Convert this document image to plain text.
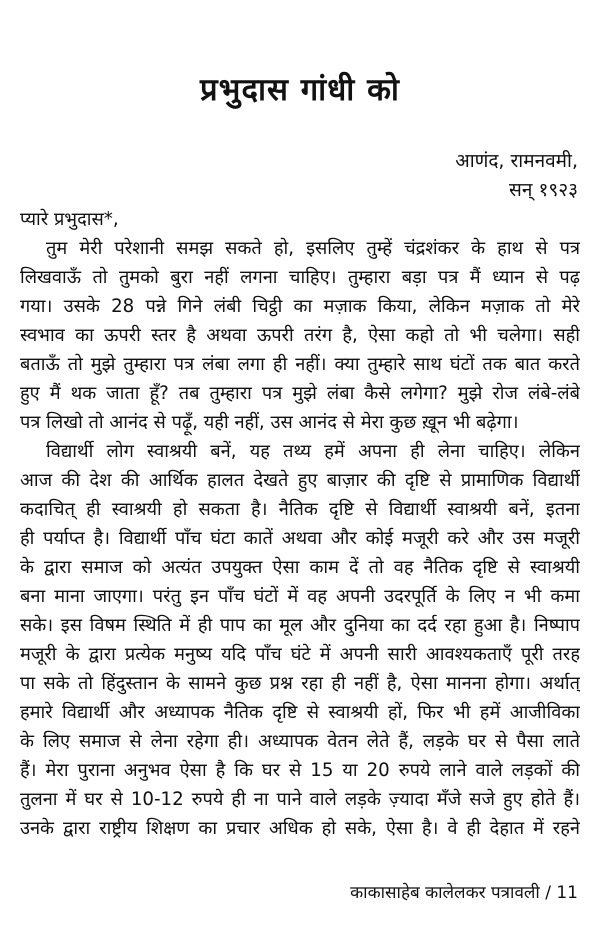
प्रभुदास गांधी को
आणंद, रामनवमी,
सन् १९२३
प्यारे प्रभुदास*,
तुम मेरी परेशानी समझ सकते हो, इसलिए तुम्हें चंद्रशंकर के हाथ से पत्र
लिखवाऊँ तो तुमको बुरा नहीं लगना चाहिए। तुम्हारा बड़ा पत्र मैं ध्यान से पढ़
गया। उसके 28 पन्ने गिने लंबी चिट्ठी का मज़ाक किया, लेकिन मज़ाक तो मेरे
स्वभाव का ऊपरी स्तर है अथवा ऊपरी तरंग है, ऐसा कहो तो भी चलेगा। सही
बताऊँ तो मुझे तुम्हारा पत्र लंबा लगा ही नहीं। क्या तुम्हारे साथ घंटों तक बात करते
हुए मैं थक जाता हूँ? तब तुम्हारा पत्र मुझे लंबा कैसे लगेगा? मुझे रोज लंबे-लंबे
पत्र लिखो तो आनंद से पढ़ूँ, यही नहीं, उस आनंद से मेरा कुछ ख़ून भी बढ़ेगा।
विद्यार्थी लोग स्वाश्रयी बनें, यह तथ्य हमें अपना ही लेना चाहिए। लेकिन
आज की देश की आर्थिक हालत देखते हुए बाज़ार की दृष्टि से प्रामाणिक विद्यार्थी
कदाचित् ही स्वाश्रयी हो सकता है। नैतिक दृष्टि से विद्यार्थी स्वाश्रयी बनें, इतना
ही पर्याप्त है। विद्यार्थी पाँच घंटा कातें अथवा और कोई मजूरी करे और उस मजूरी
के द्वारा समाज को अत्यंत उपयुक्त ऐसा काम दें तो वह नैतिक दृष्टि से स्वाश्रयी
बना माना जाएगा। परंतु इन पाँच घंटों में वह अपनी उदरपूर्ति के लिए न भी कमा
सके। इस विषम स्थिति में ही पाप का मूल और दुनिया का दर्द रहा हुआ है। निष्पाप
मजूरी के द्वारा प्रत्येक मनुष्य यदि पाँच घंटे में अपनी सारी आवश्यकताएँ पूरी तरह
पा सके तो हिंदुस्तान के सामने कुछ प्रश्न रहा ही नहीं है, ऐसा मानना होगा। अर्थात्
हमारे विद्यार्थी और अध्यापक नैतिक दृष्टि से स्वाश्रयी हों, फिर भी हमें आजीविका
के लिए समाज से लेना रहेगा ही। अध्यापक वेतन लेते हैं, लड़के घर से पैसा लाते
हैं। मेरा पुराना अनुभव ऐसा है कि घर से 15 या 20 रुपये लाने वाले लड़कों की
तुलना में घर से 10-12 रुपये ही ना पाने वाले लड़के ज़्यादा मँजे सजे हुए होते हैं।
उनके द्वारा राष्ट्रीय शिक्षण का प्रचार अधिक हो सके, ऐसा है। वे ही देहात में रहने
काकासाहेब कालेलकर पत्रावली / 11
